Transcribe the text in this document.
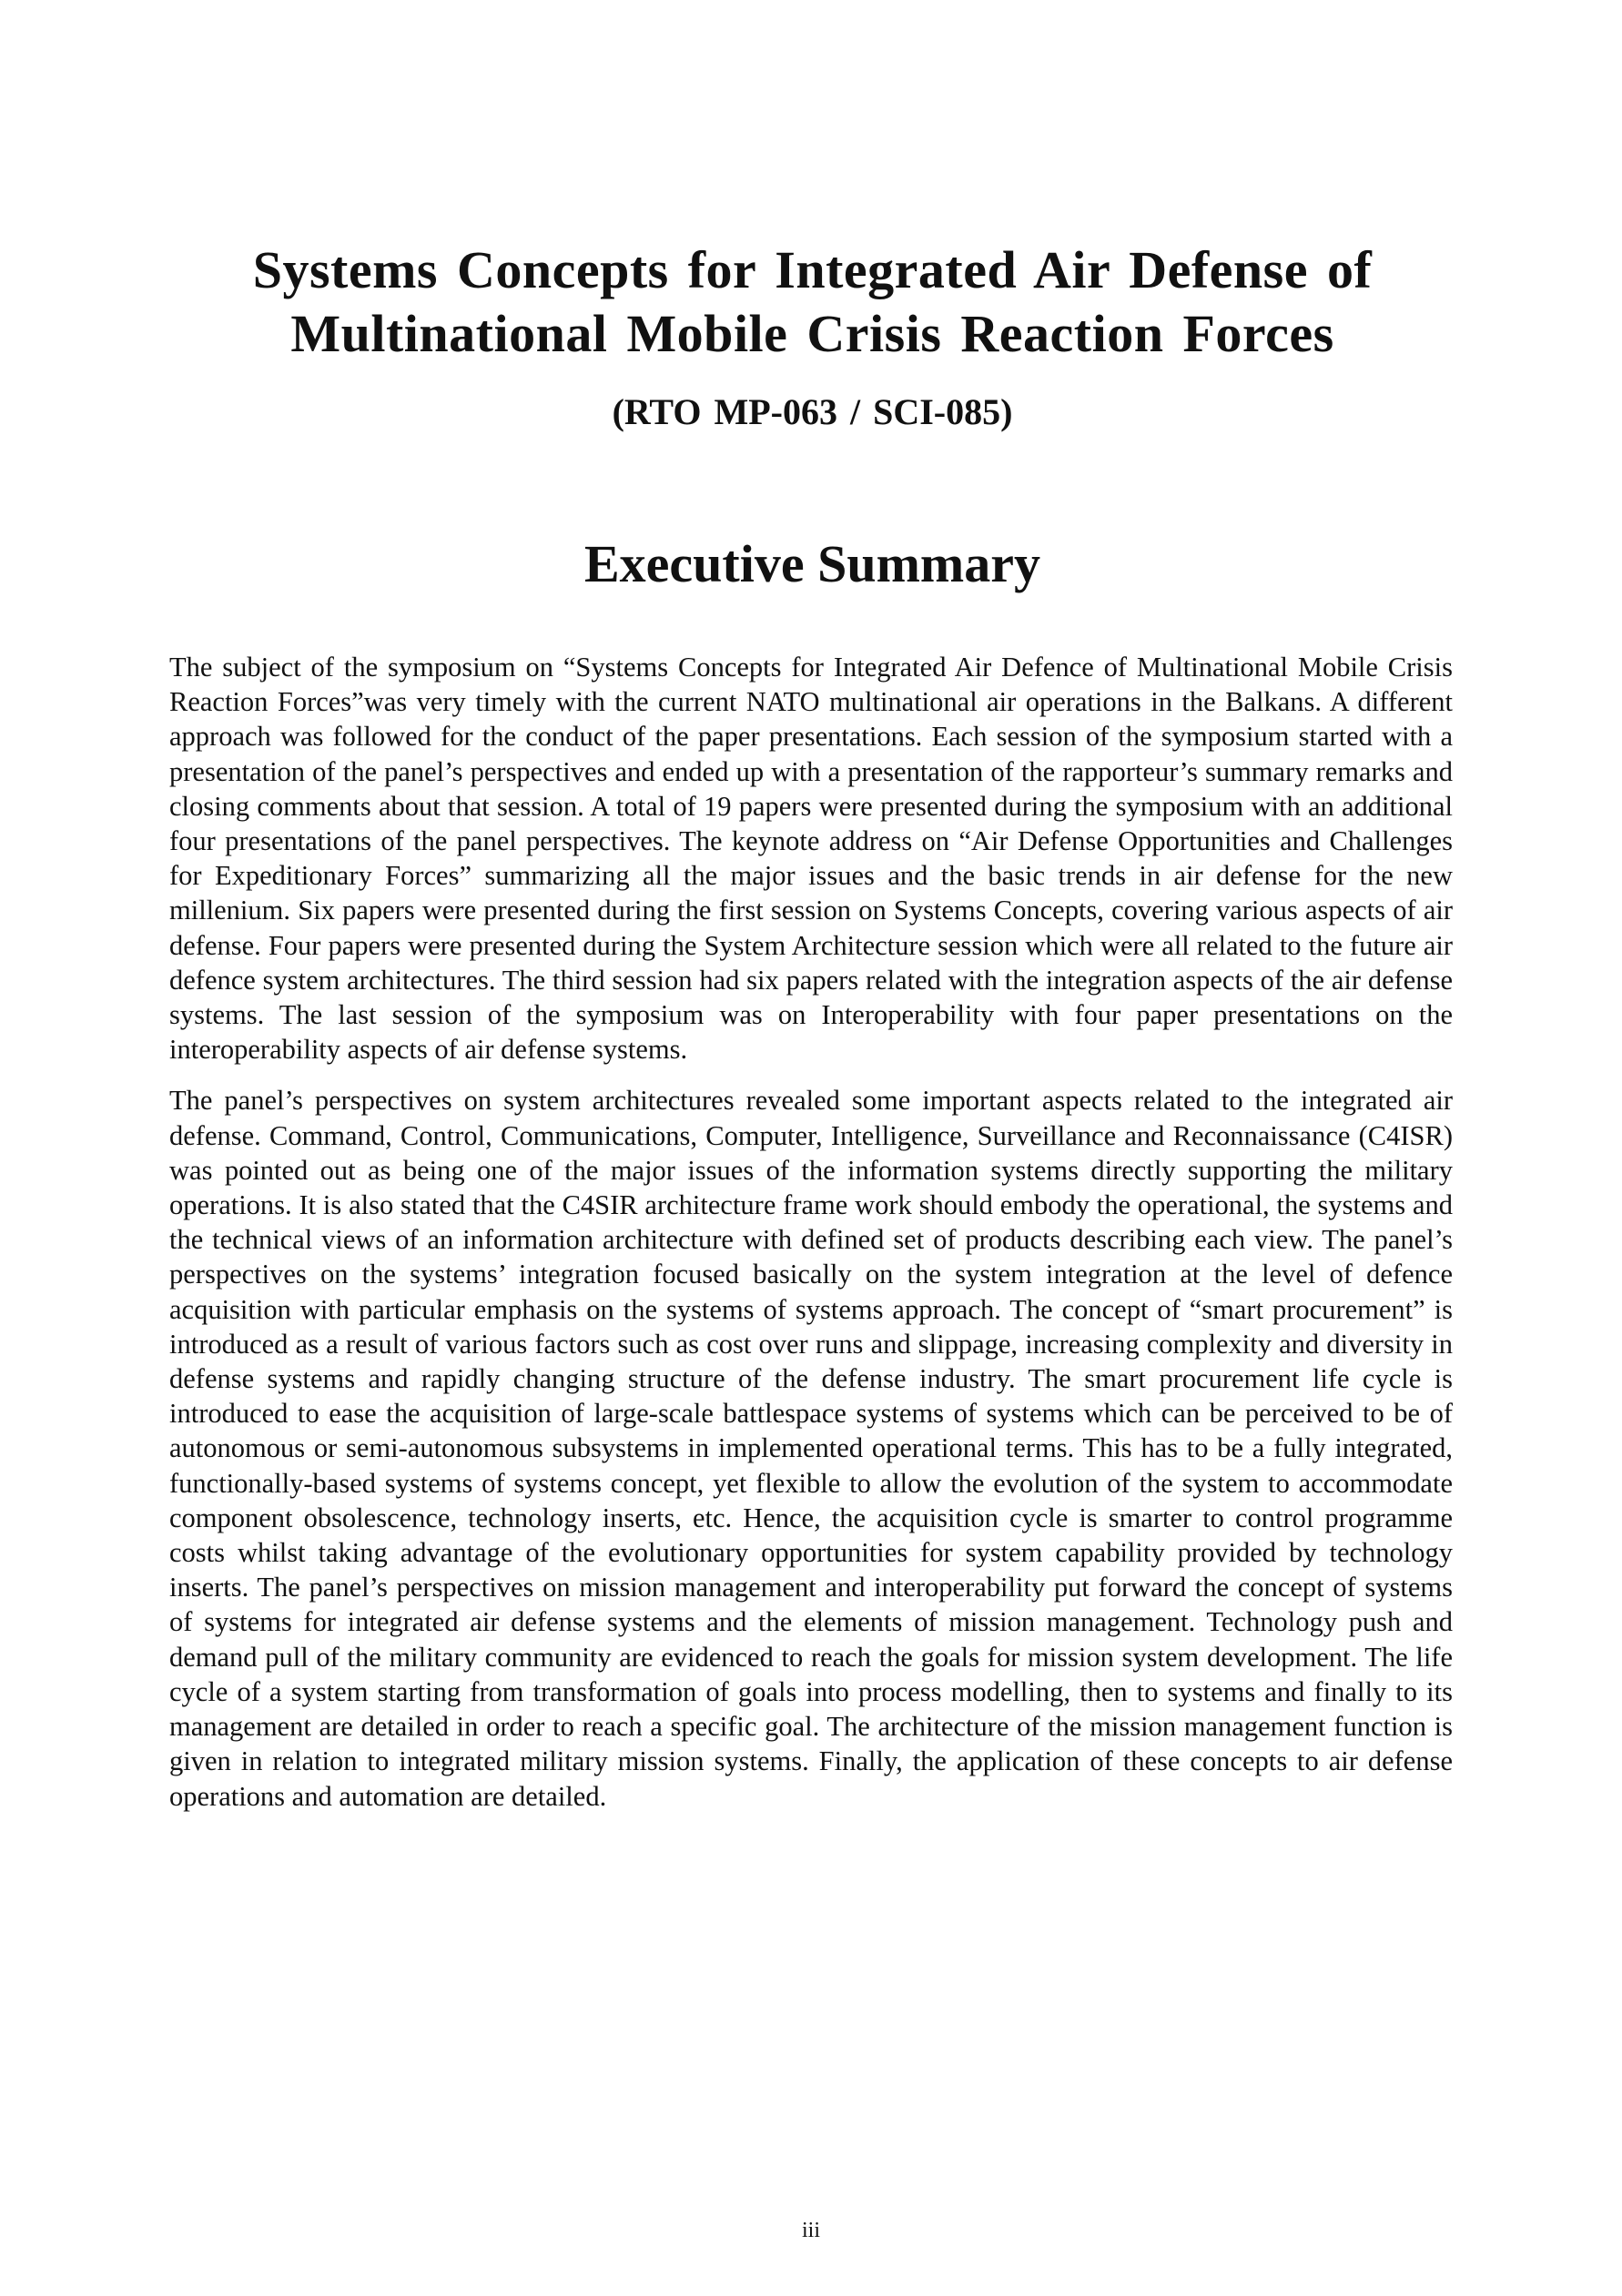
Systems Concepts for Integrated Air Defense of
Multinational Mobile Crisis Reaction Forces

(RTO MP-063 / SCI-085)

Executive Summary

The subject of the symposium on “Systems Concepts for Integrated Air Defence of Multinational Mobile Crisis Reaction Forces”was very timely with the current NATO multinational air operations in the Balkans. A different approach was followed for the conduct of the paper presentations. Each session of the symposium started with a presentation of the panel’s perspectives and ended up with a presentation of the rapporteur’s summary remarks and closing comments about that session. A total of 19 papers were presented during the symposium with an additional four presentations of the panel perspectives. The keynote address on “Air Defense Opportunities and Challenges for Expeditionary Forces” summarizing all the major issues and the basic trends in air defense for the new millenium. Six papers were presented during the first session on Systems Concepts, covering various aspects of air defense. Four papers were presented during the System Architecture session which were all related to the future air defence system architectures. The third session had six papers related with the integration aspects of the air defense systems. The last session of the symposium was on Interoperability with four paper presentations on the interoperability aspects of air defense systems.

The panel’s perspectives on system architectures revealed some important aspects related to the integrated air defense. Command, Control, Communications, Computer, Intelligence, Surveillance and Reconnaissance (C4ISR) was pointed out as being one of the major issues of the information systems directly supporting the military operations. It is also stated that the C4SIR architecture frame work should embody the operational, the systems and the technical views of an information architecture with defined set of products describing each view. The panel’s perspectives on the systems’ integration focused basically on the system integration at the level of defence acquisition with particular emphasis on the systems of systems approach. The concept of “smart procurement” is introduced as a result of various factors such as cost over runs and slippage, increasing complexity and diversity in defense systems and rapidly changing structure of the defense industry. The smart procurement life cycle is introduced to ease the acquisition of large-scale battlespace systems of systems which can be perceived to be of autonomous or semi-autonomous subsystems in implemented operational terms. This has to be a fully integrated, functionally-based systems of systems concept, yet flexible to allow the evolution of the system to accommodate component obsolescence, technology inserts, etc. Hence, the acquisition cycle is smarter to control programme costs whilst taking advantage of the evolutionary opportunities for system capability provided by technology inserts. The panel’s perspectives on mission management and interoperability put forward the concept of systems of systems for integrated air defense systems and the elements of mission management. Technology push and demand pull of the military community are evidenced to reach the goals for mission system development. The life cycle of a system starting from transformation of goals into process modelling, then to systems and finally to its management are detailed in order to reach a specific goal. The architecture of the mission management function is given in relation to integrated military mission systems. Finally, the application of these concepts to air defense operations and automation are detailed.

iii
